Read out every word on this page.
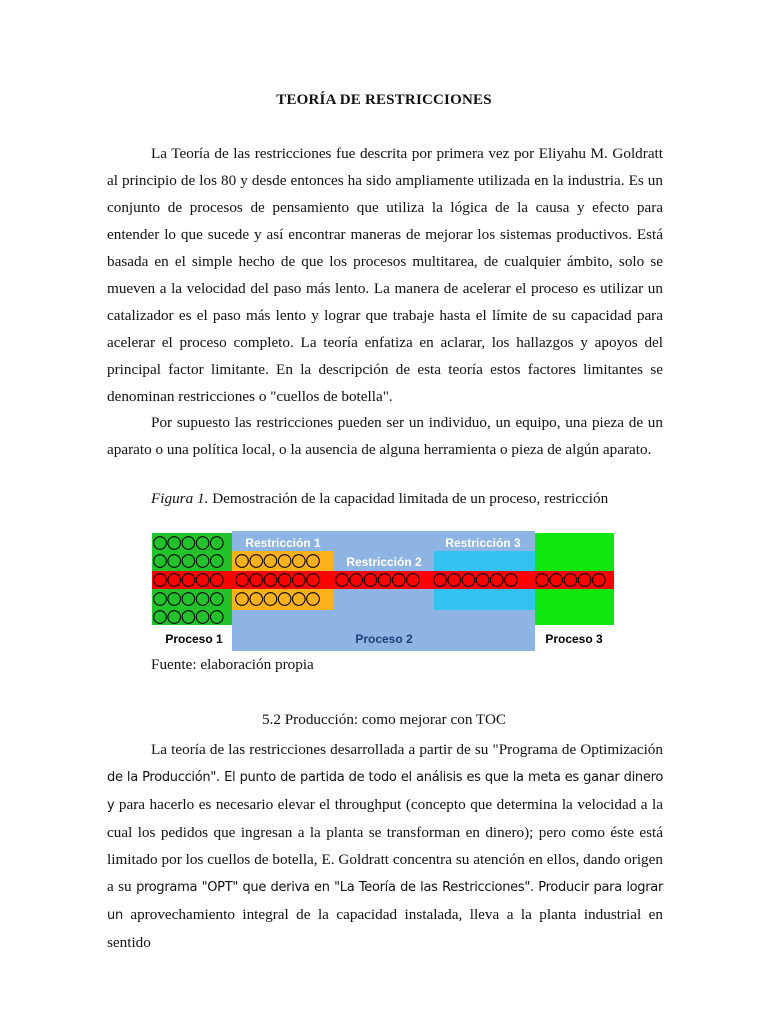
TEORÍA DE RESTRICCIONES

La Teoría de las restricciones fue descrita por primera vez por Eliyahu M. Goldratt al principio de los 80 y desde entonces ha sido ampliamente utilizada en la industria. Es un conjunto de procesos de pensamiento que utiliza la lógica de la causa y efecto para entender lo que sucede y así encontrar maneras de mejorar los sistemas productivos. Está basada en el simple hecho de que los procesos multitarea, de cualquier ámbito, solo se mueven a la velocidad del paso más lento. La manera de acelerar el proceso es utilizar un catalizador es el paso más lento y lograr que trabaje hasta el límite de su capacidad para acelerar el proceso completo. La teoría enfatiza en aclarar, los hallazgos y apoyos del principal factor limitante. En la descripción de esta teoría estos factores limitantes se denominan restricciones o "cuellos de botella".

Por supuesto las restricciones pueden ser un individuo, un equipo, una pieza de un aparato o una política local, o la ausencia de alguna herramienta o pieza de algún aparato.

Figura 1. Demostración de la capacidad limitada de un proceso, restricción
Restricción 1
Restricción 2
Restricción 3
Proceso 1	Proceso 2	Proceso 3
Fuente: elaboración propia
5.2 Producción: como mejorar con TOC

La teoría de las restricciones desarrollada a partir de su "Programa de Optimización de la Producción". El punto de partida de todo el análisis es que la meta es ganar dinero y para hacerlo es necesario elevar el throughput (concepto que determina la velocidad a la cual los pedidos que ingresan a la planta se transforman en dinero); pero como éste está limitado por los cuellos de botella, E. Goldratt concentra su atención en ellos, dando origen a su programa "OPT" que deriva en "La Teoría de las Restricciones". Producir para lograr un aprovechamiento integral de la capacidad instalada, lleva a la planta industrial en sentido
